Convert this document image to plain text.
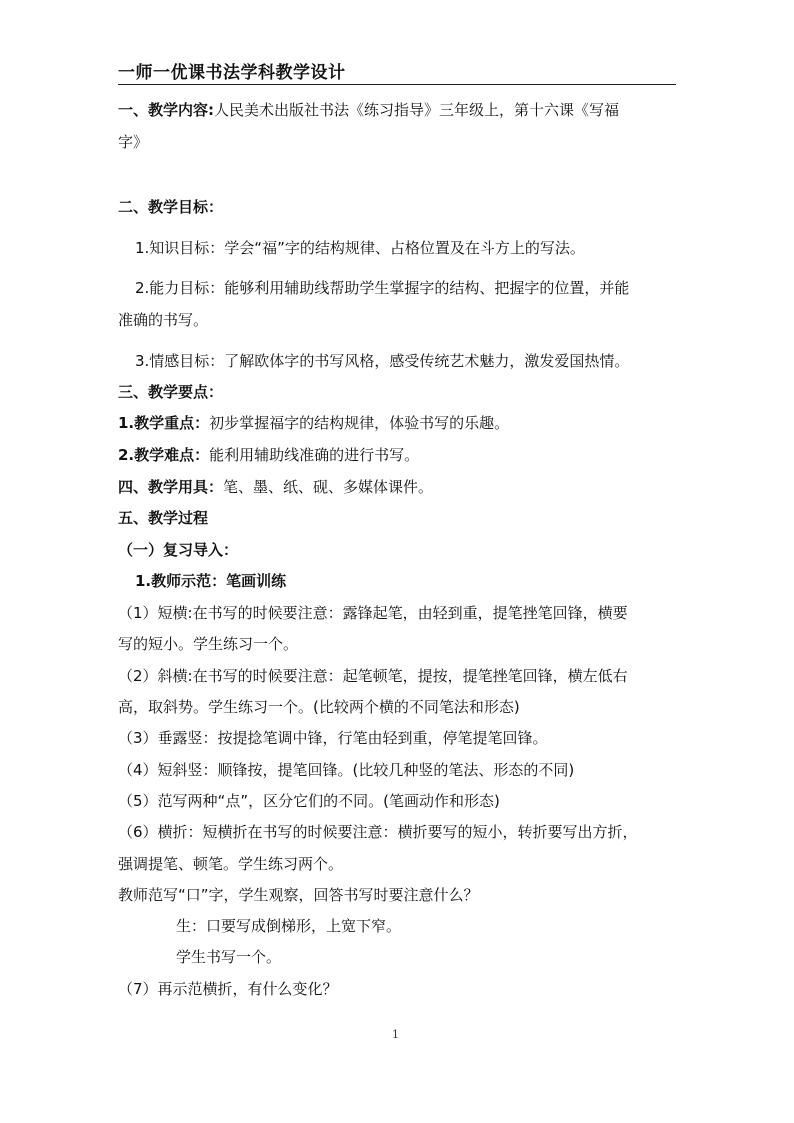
一师一优课书法学科教学设计
一、教学内容:人民美术出版社书法《练习指导》三年级上，第十六课《写福
字》
二、教学目标：
1.知识目标：学会“福”字的结构规律、占格位置及在斗方上的写法。
2.能力目标：能够利用辅助线帮助学生掌握字的结构、把握字的位置，并能
准确的书写。
3.情感目标：了解欧体字的书写风格，感受传统艺术魅力，激发爱国热情。
三、教学要点：
1.教学重点：初步掌握福字的结构规律，体验书写的乐趣。
2.教学难点：能利用辅助线准确的进行书写。
四、教学用具：笔、墨、纸、砚、多媒体课件。
五、教学过程
（一）复习导入：
1.教师示范：笔画训练
（1）短横:在书写的时候要注意：露锋起笔，由轻到重，提笔挫笔回锋，横要
写的短小。学生练习一个。
（2）斜横:在书写的时候要注意：起笔顿笔，提按，提笔挫笔回锋，横左低右
高，取斜势。学生练习一个。(比较两个横的不同笔法和形态)
（3）垂露竖：按提捻笔调中锋，行笔由轻到重，停笔提笔回锋。
（4）短斜竖：顺锋按，提笔回锋。(比较几种竖的笔法、形态的不同)
（5）范写两种“点”，区分它们的不同。(笔画动作和形态)
（6）横折：短横折在书写的时候要注意：横折要写的短小，转折要写出方折，
强调提笔、顿笔。学生练习两个。
教师范写“口”字，学生观察，回答书写时要注意什么？
生：口要写成倒梯形，上宽下窄。
学生书写一个。
（7）再示范横折，有什么变化？
1
